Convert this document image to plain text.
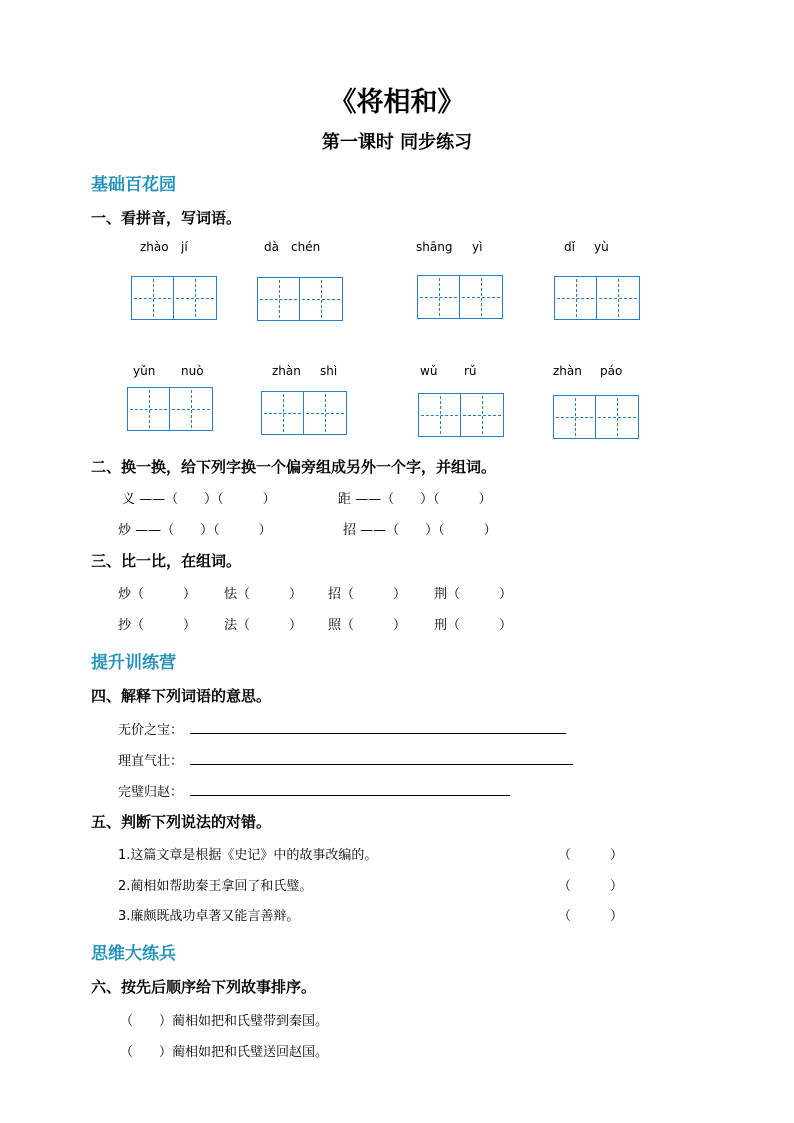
《将相和》
第一课时 同步练习
基础百花园
一、看拼音，写词语。
zhào jí	dà chén	shāng yì	dǐ yù
yǔn nuò	zhàn shì	wǔ rǔ	zhàn páo
二、换一换，给下列字换一个偏旁组成另外一个字，并组词。
义 ——（　　）（　　　）	距 ——（　　）（　　　）
炒 ——（　　）（　　　）	招 ——（　　）（　　　）
三、比一比，在组词。
炒（　　　） 怯（　　　） 招（　　　） 荆（　　　）
抄（　　　） 法（　　　） 照（　　　） 刑（　　　）
提升训练营
四、解释下列词语的意思。
无价之宝：
理直气壮：
完璧归赵：
五、判断下列说法的对错。
1.这篇文章是根据《史记》中的故事改编的。	（　　　）
2.蔺相如帮助秦王拿回了和氏璧。	（　　　）
3.廉颇既战功卓著又能言善辩。	（　　　）
思维大练兵
六、按先后顺序给下列故事排序。
（　　）蔺相如把和氏璧带到秦国。
（　　）蔺相如把和氏璧送回赵国。
